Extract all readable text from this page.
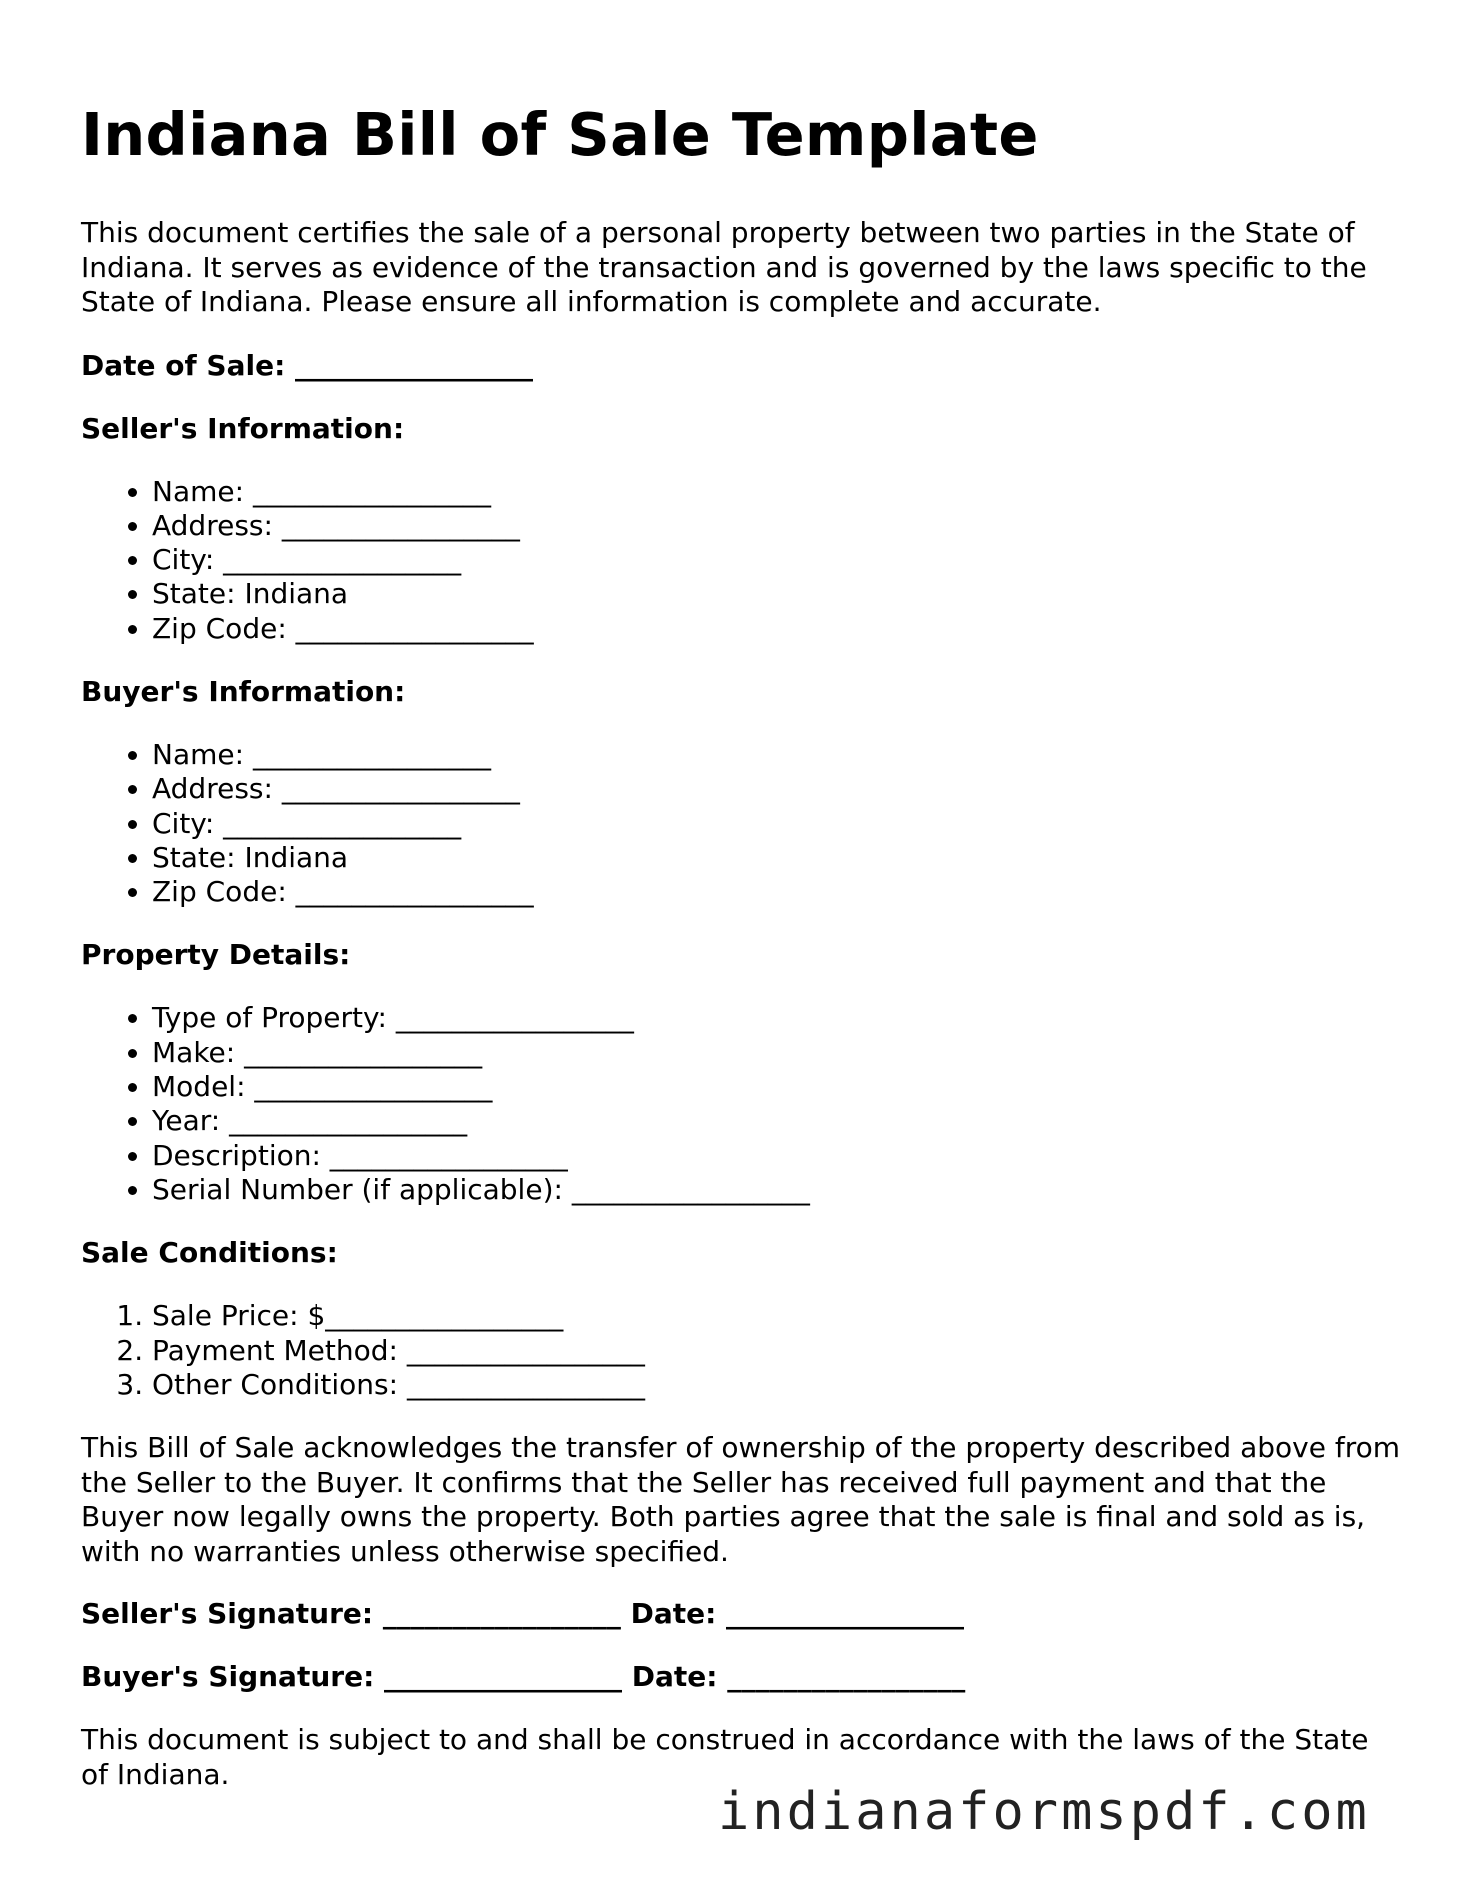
Indiana Bill of Sale Template

This document certifies the sale of a personal property between two parties in the State of Indiana. It serves as evidence of the transaction and is governed by the laws specific to the State of Indiana. Please ensure all information is complete and accurate.

Date of Sale: _________________

Seller's Information:

• Name: _________________
• Address: _________________
• City: _________________
• State: Indiana
• Zip Code: _________________

Buyer's Information:

• Name: _________________
• Address: _________________
• City: _________________
• State: Indiana
• Zip Code: _________________

Property Details:

• Type of Property: _________________
• Make: _________________
• Model: _________________
• Year: _________________
• Description: _________________
• Serial Number (if applicable): _________________

Sale Conditions:

1. Sale Price: $_________________
2. Payment Method: _________________
3. Other Conditions: _________________

This Bill of Sale acknowledges the transfer of ownership of the property described above from the Seller to the Buyer. It confirms that the Seller has received full payment and that the Buyer now legally owns the property. Both parties agree that the sale is final and sold as is, with no warranties unless otherwise specified.

Seller's Signature: _________________ Date: _________________

Buyer's Signature: _________________ Date: _________________

This document is subject to and shall be construed in accordance with the laws of the State of Indiana.

indianaformspdf.com
